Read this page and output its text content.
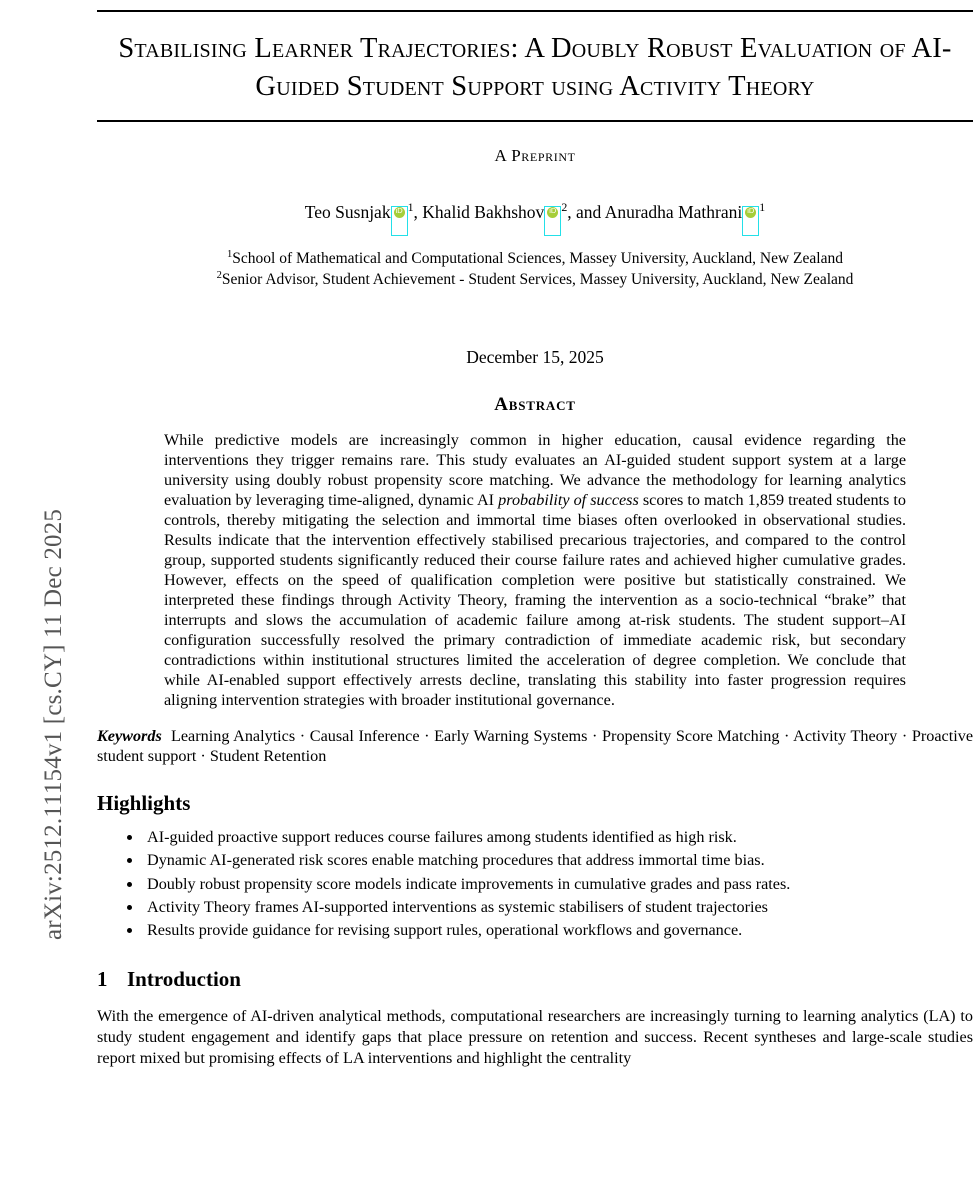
arXiv:2512.11154v1 [cs.CY] 11 Dec 2025
Stabilising Learner Trajectories: A Doubly Robust Evaluation of AI-Guided Student Support using Activity Theory
A Preprint
Teo Susnjak iD $^1$, Khalid Bakhshov iD $^2$, and Anuradha Mathrani iD $^1$
$^1$School of Mathematical and Computational Sciences, Massey University, Auckland, New Zealand
$^2$Senior Advisor, Student Achievement - Student Services, Massey University, Auckland, New Zealand
December 15, 2025
Abstract
While predictive models are increasingly common in higher education, causal evidence regarding the interventions they trigger remains rare. This study evaluates an AI-guided student support system at a large university using doubly robust propensity score matching. We advance the methodology for learning analytics evaluation by leveraging time-aligned, dynamic AI probability of success scores to match 1,859 treated students to controls, thereby mitigating the selection and immortal time biases often overlooked in observational studies. Results indicate that the intervention effectively stabilised precarious trajectories, and compared to the control group, supported students significantly reduced their course failure rates and achieved higher cumulative grades. However, effects on the speed of qualification completion were positive but statistically constrained. We interpreted these findings through Activity Theory, framing the intervention as a socio-technical “brake” that interrupts and slows the accumulation of academic failure among at-risk students. The student support–AI configuration successfully resolved the primary contradiction of immediate academic risk, but secondary contradictions within institutional structures limited the acceleration of degree completion. We conclude that while AI-enabled support effectively arrests decline, translating this stability into faster progression requires aligning intervention strategies with broader institutional governance.
Keywords Learning Analytics · Causal Inference · Early Warning Systems · Propensity Score Matching · Activity Theory · Proactive student support · Student Retention
Highlights
• AI-guided proactive support reduces course failures among students identified as high risk.
• Dynamic AI-generated risk scores enable matching procedures that address immortal time bias.
• Doubly robust propensity score models indicate improvements in cumulative grades and pass rates.
• Activity Theory frames AI-supported interventions as systemic stabilisers of student trajectories
• Results provide guidance for revising support rules, operational workflows and governance.
1 Introduction
With the emergence of AI-driven analytical methods, computational researchers are increasingly turning to learning analytics (LA) to study student engagement and identify gaps that place pressure on retention and success. Recent syntheses and large-scale studies report mixed but promising effects of LA interventions and highlight the centrality
